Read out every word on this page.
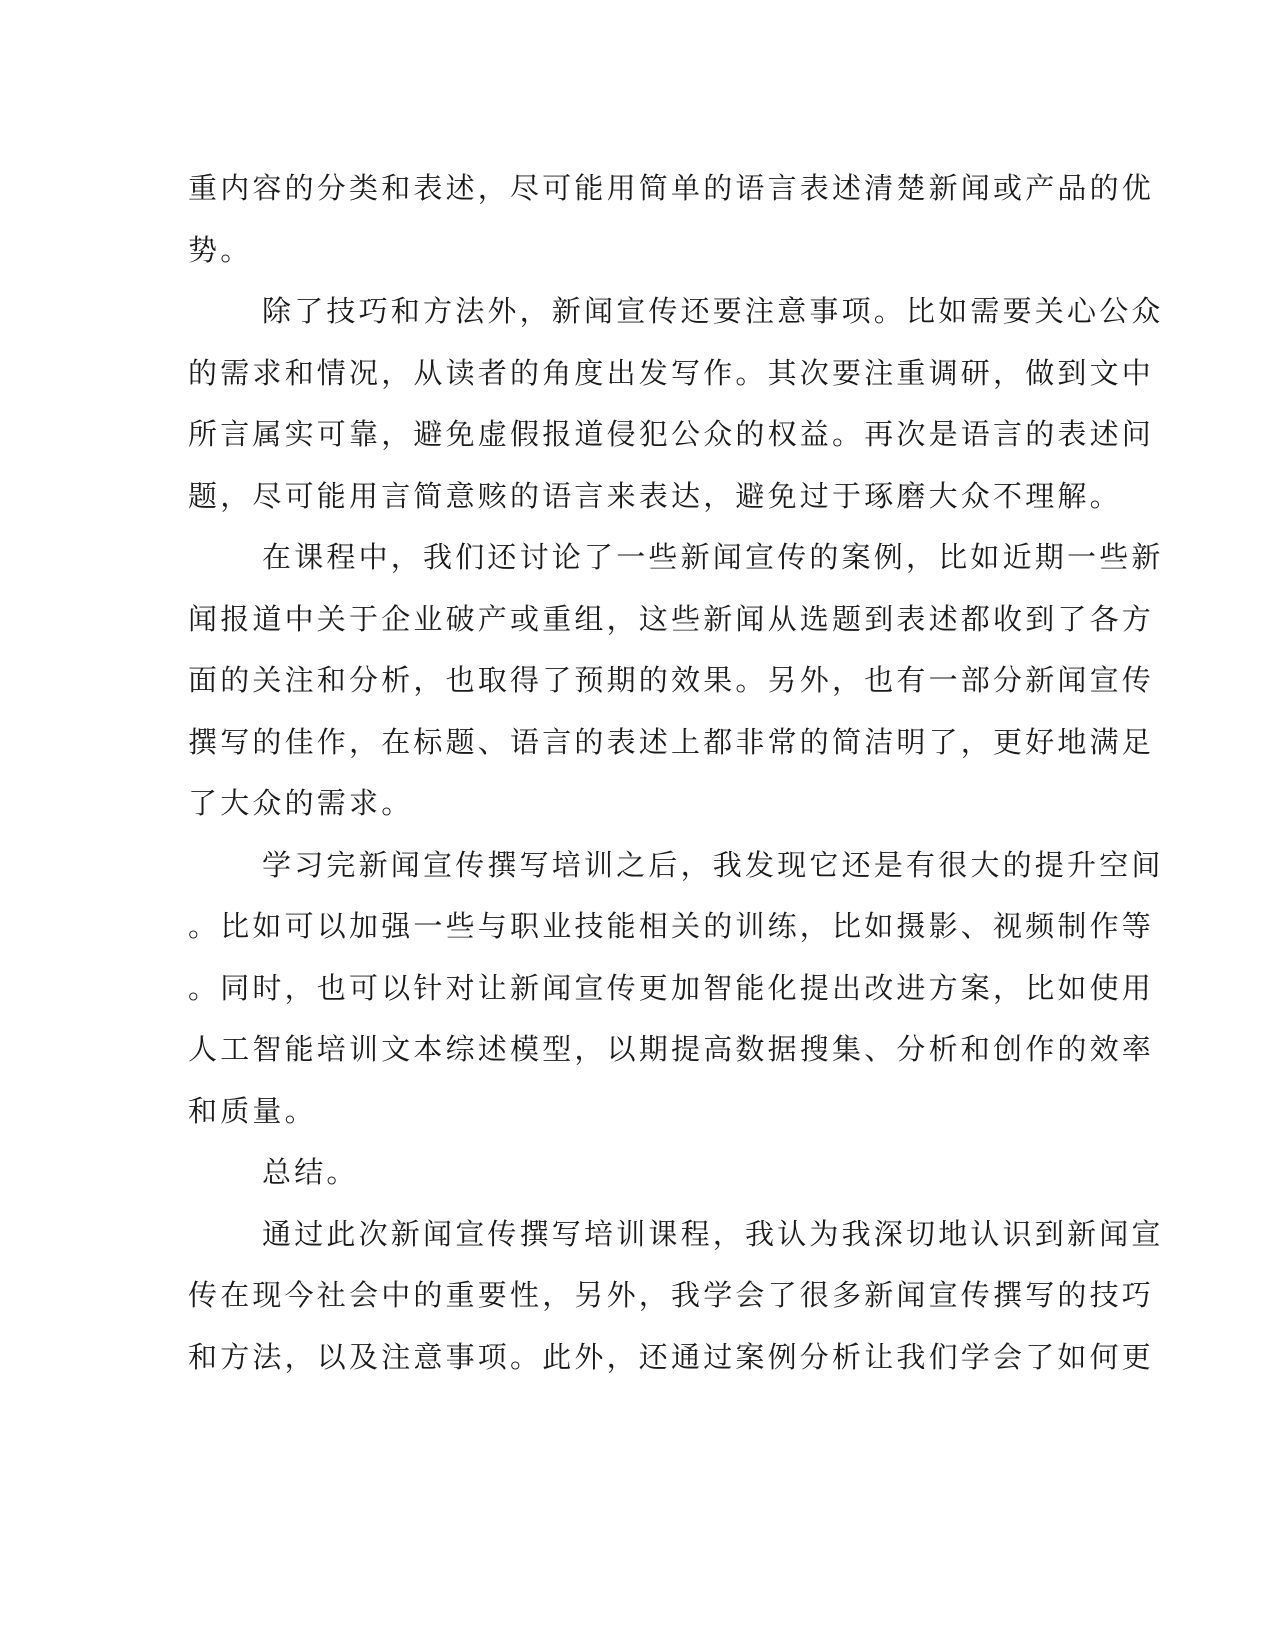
重内容的分类和表述，尽可能用简单的语言表述清楚新闻或产品的优
势。
除了技巧和方法外，新闻宣传还要注意事项。比如需要关心公众
的需求和情况，从读者的角度出发写作。其次要注重调研，做到文中
所言属实可靠，避免虚假报道侵犯公众的权益。再次是语言的表述问
题，尽可能用言简意赅的语言来表达，避免过于琢磨大众不理解。
在课程中，我们还讨论了一些新闻宣传的案例，比如近期一些新
闻报道中关于企业破产或重组，这些新闻从选题到表述都收到了各方
面的关注和分析，也取得了预期的效果。另外，也有一部分新闻宣传
撰写的佳作，在标题、语言的表述上都非常的简洁明了，更好地满足
了大众的需求。
学习完新闻宣传撰写培训之后，我发现它还是有很大的提升空间
。比如可以加强一些与职业技能相关的训练，比如摄影、视频制作等
。同时，也可以针对让新闻宣传更加智能化提出改进方案，比如使用
人工智能培训文本综述模型，以期提高数据搜集、分析和创作的效率
和质量。
总结。
通过此次新闻宣传撰写培训课程，我认为我深切地认识到新闻宣
传在现今社会中的重要性，另外，我学会了很多新闻宣传撰写的技巧
和方法，以及注意事项。此外，还通过案例分析让我们学会了如何更
